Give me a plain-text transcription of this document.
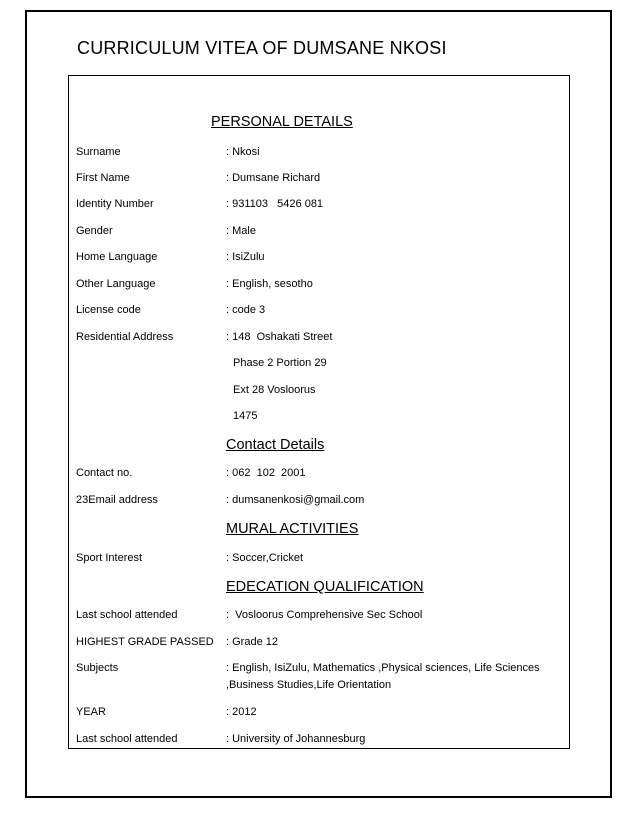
CURRICULUM VITEA OF DUMSANE NKOSI
PERSONAL DETAILS
Surname	: Nkosi
First Name	: Dumsane Richard
Identity Number	: 931103   5426 081
Gender	: Male
Home Language	: IsiZulu
Other Language	: English, sesotho
License code	: code 3
Residential Address	: 148  Oshakati Street
Phase 2 Portion 29
Ext 28 Vosloorus
1475
Contact Details
Contact no.	: 062  102  2001
23Email address	: dumsanenkosi@gmail.com
MURAL ACTIVITIES
Sport Interest	: Soccer,Cricket
EDECATION QUALIFICATION
Last school attended	:  Vosloorus Comprehensive Sec School
HIGHEST GRADE PASSED : Grade 12
Subjects	: English, IsiZulu, Mathematics ,Physical sciences, Life Sciences ,Business Studies,Life Orientation
YEAR	: 2012
Last school attended	: University of Johannesburg
